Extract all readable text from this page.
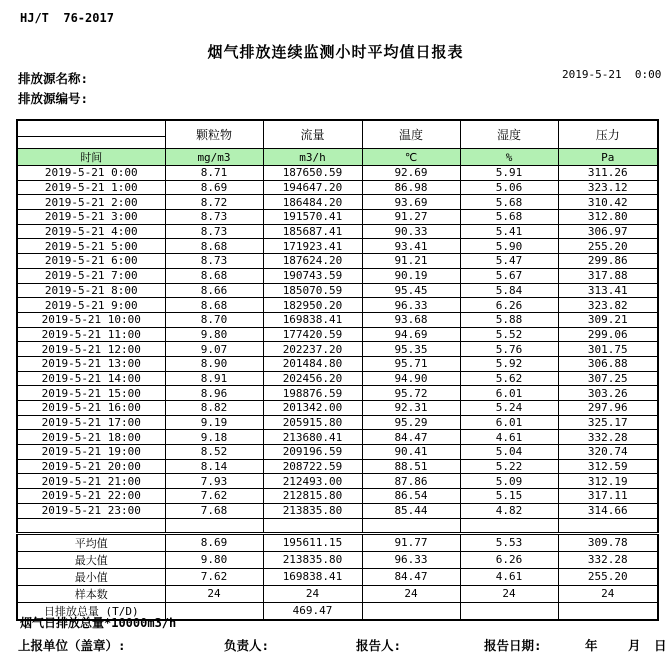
HJ/T  76-2017
烟气排放连续监测小时平均值日报表
排放源名称:
排放源编号:
2019-5-21  0:00
	颗粒物	流量	温度	湿度	压力

时间	mg/m3	m3/h	℃	%	Pa
2019-5-21 0:00	8.71	187650.59	92.69	5.91	311.26
2019-5-21 1:00	8.69	194647.20	86.98	5.06	323.12
2019-5-21 2:00	8.72	186484.20	93.69	5.68	310.42
2019-5-21 3:00	8.73	191570.41	91.27	5.68	312.80
2019-5-21 4:00	8.73	185687.41	90.33	5.41	306.97
2019-5-21 5:00	8.68	171923.41	93.41	5.90	255.20
2019-5-21 6:00	8.73	187624.20	91.21	5.47	299.86
2019-5-21 7:00	8.68	190743.59	90.19	5.67	317.88
2019-5-21 8:00	8.66	185070.59	95.45	5.84	313.41
2019-5-21 9:00	8.68	182950.20	96.33	6.26	323.82
2019-5-21 10:00	8.70	169838.41	93.68	5.88	309.21
2019-5-21 11:00	9.80	177420.59	94.69	5.52	299.06
2019-5-21 12:00	9.07	202237.20	95.35	5.76	301.75
2019-5-21 13:00	8.90	201484.80	95.71	5.92	306.88
2019-5-21 14:00	8.91	202456.20	94.90	5.62	307.25
2019-5-21 15:00	8.96	198876.59	95.72	6.01	303.26
2019-5-21 16:00	8.82	201342.00	92.31	5.24	297.96
2019-5-21 17:00	9.19	205915.80	95.29	6.01	325.17
2019-5-21 18:00	9.18	213680.41	84.47	4.61	332.28
2019-5-21 19:00	8.52	209196.59	90.41	5.04	320.74
2019-5-21 20:00	8.14	208722.59	88.51	5.22	312.59
2019-5-21 21:00	7.93	212493.00	87.86	5.09	312.19
2019-5-21 22:00	7.62	212815.80	86.54	5.15	317.11
2019-5-21 23:00	7.68	213835.80	85.44	4.82	314.66

平均值	8.69	195611.15	91.77	5.53	309.78
最大值	9.80	213835.80	96.33	6.26	332.28
最小值	7.62	169838.41	84.47	4.61	255.20
样本数	24	24	24	24	24
日排放总量 (T/D)		469.47			
烟气日排放总量*10000m3/h
上报单位（盖章）:	负责人:	报告人:	报告日期:	年 月 日
